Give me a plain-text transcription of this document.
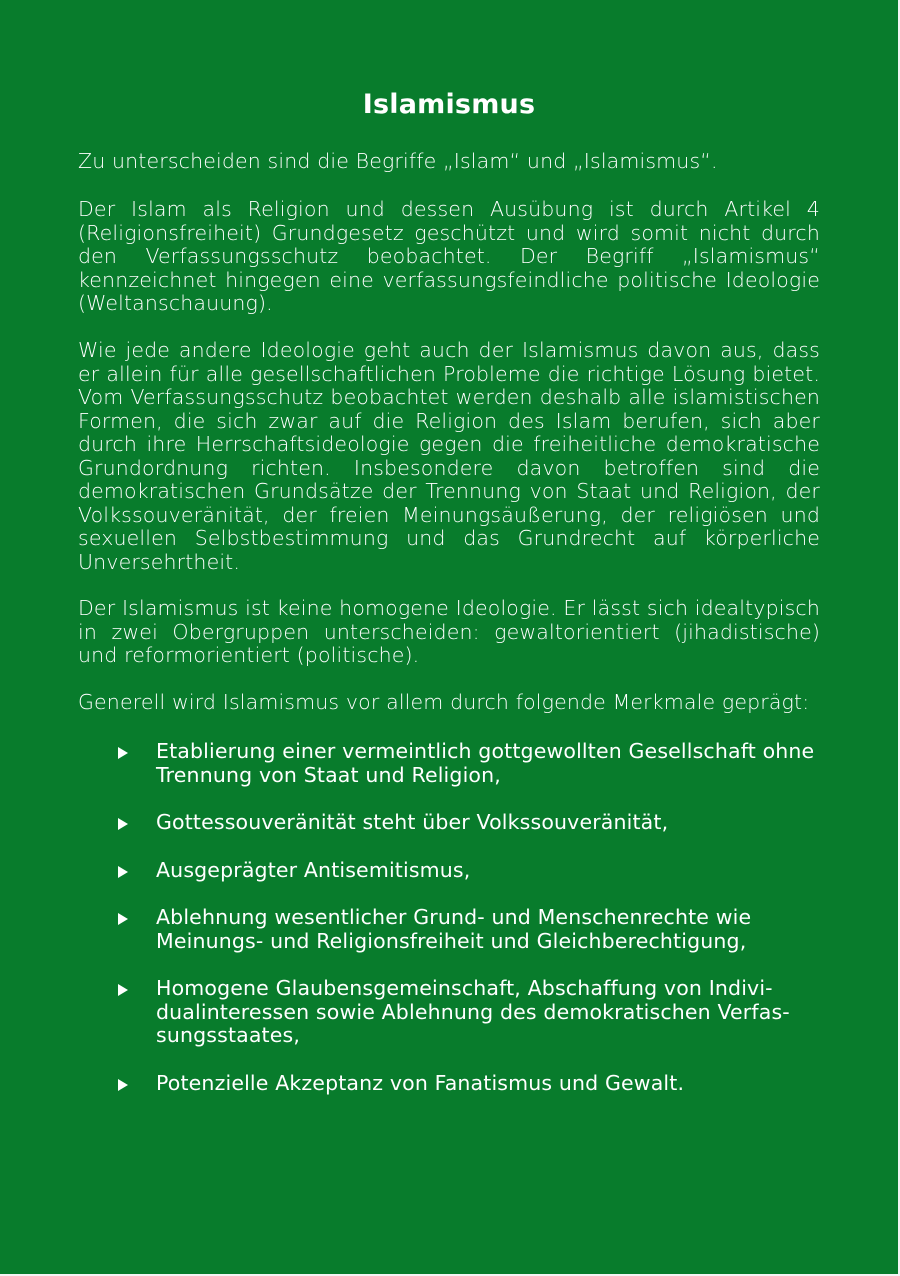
Islamismus

Zu unterscheiden sind die Begriffe „Islam“ und „Islamismus“.

Der Islam als Religion und dessen Ausübung ist durch Artikel 4 (Religionsfreiheit) Grundgesetz geschützt und wird somit nicht durch den Verfassungsschutz beobachtet. Der Begriff „Islamismus“ kennzeichnet hingegen eine verfassungsfeindliche politische Ideologie (Weltanschauung).

Wie jede andere Ideologie geht auch der Islamismus davon aus, dass er allein für alle gesellschaftlichen Probleme die richtige Lösung bietet. Vom Verfassungsschutz beobachtet werden deshalb alle islamistischen Formen, die sich zwar auf die Religion des Islam berufen, sich aber durch ihre Herrschaftsideologie gegen die freiheitliche demokratische Grundordnung richten. Insbesondere davon betroffen sind die demokratischen Grundsätze der Trennung von Staat und Religion, der Volkssouveränität, der freien Meinungsäußerung, der religiösen und sexuellen Selbstbestimmung und das Grundrecht auf körperliche Unversehrtheit.

Der Islamismus ist keine homogene Ideologie. Er lässt sich idealtypisch in zwei Obergruppen unterscheiden: gewaltorientiert (jihadistische) und reformorientiert (politische).

Generell wird Islamismus vor allem durch folgende Merkmale geprägt:

Etablierung einer vermeintlich gottgewollten Gesellschaft ohne Trennung von Staat und Religion,
Gottessouveränität steht über Volkssouveränität,
Ausgeprägter Antisemitismus,
Ablehnung wesentlicher Grund- und Menschenrechte wie Meinungs- und Religionsfreiheit und Gleichberechtigung,
Homogene Glaubensgemeinschaft, Abschaffung von Indivi-dualinteressen sowie Ablehnung des demokratischen Verfas-sungsstaates,
Potenzielle Akzeptanz von Fanatismus und Gewalt.
